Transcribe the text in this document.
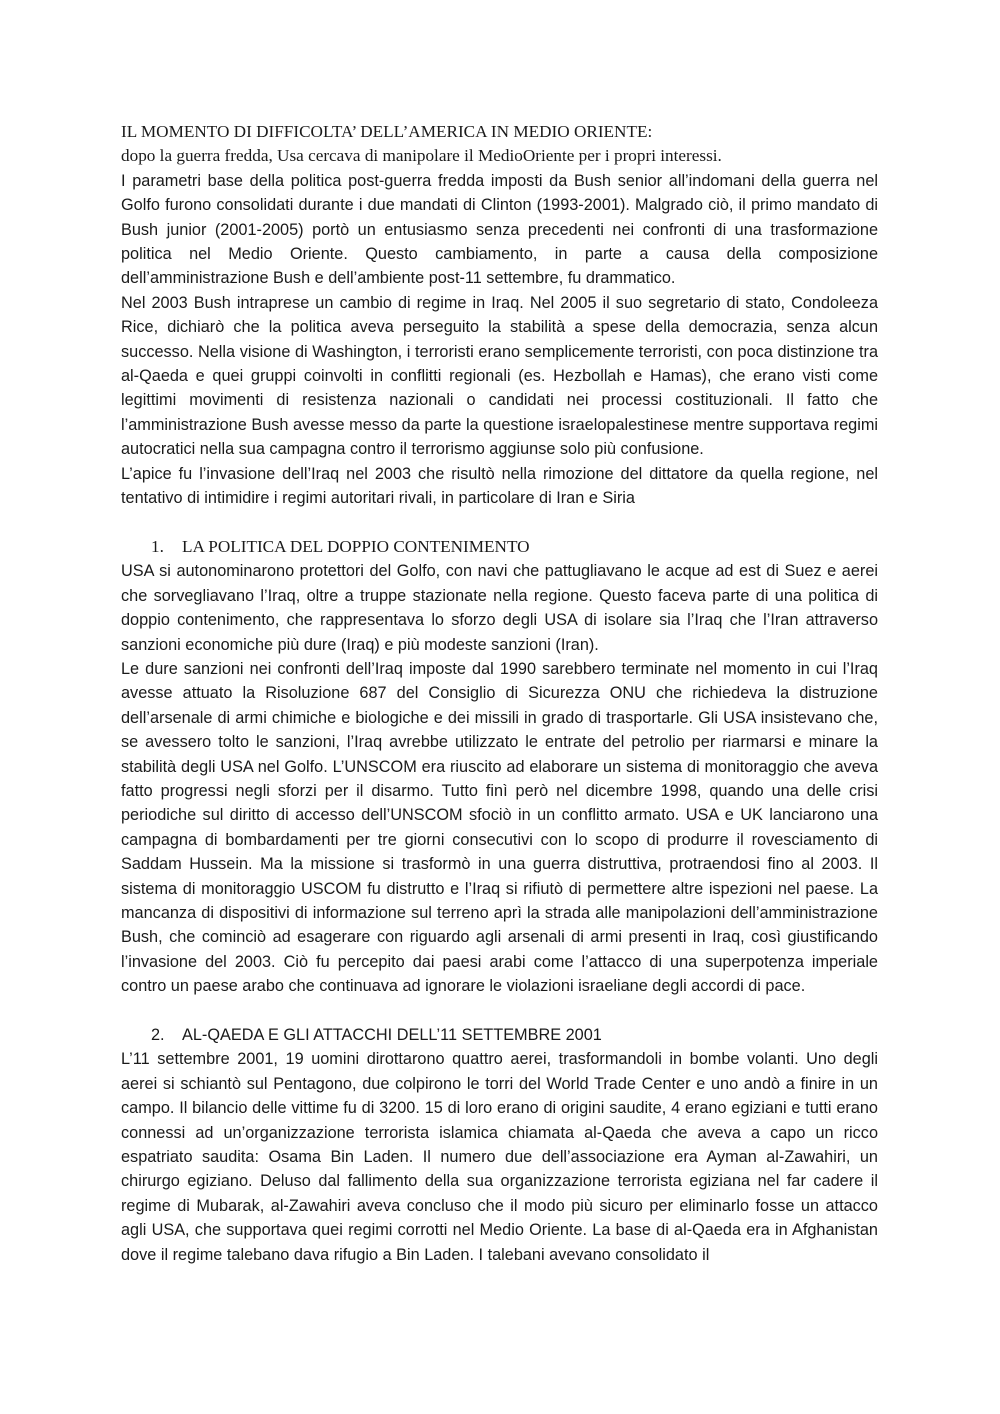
IL MOMENTO DI DIFFICOLTA’ DELL’AMERICA IN MEDIO ORIENTE:

dopo la guerra fredda, Usa cercava di manipolare il MedioOriente per i propri interessi.

I parametri base della politica post-guerra fredda imposti da Bush senior all’indomani della guerra nel Golfo furono consolidati durante i due mandati di Clinton (1993-2001). Malgrado ciò, il primo mandato di Bush junior (2001-2005) portò un entusiasmo senza precedenti nei confronti di una trasformazione politica nel Medio Oriente. Questo cambiamento, in parte a causa della composizione dell’amministrazione Bush e dell’ambiente post-11 settembre, fu drammatico.

Nel 2003 Bush intraprese un cambio di regime in Iraq. Nel 2005 il suo segretario di stato, Condoleeza Rice, dichiarò che la politica aveva perseguito la stabilità a spese della democrazia, senza alcun successo. Nella visione di Washington, i terroristi erano semplicemente terroristi, con poca distinzione tra al-Qaeda e quei gruppi coinvolti in conflitti regionali (es. Hezbollah e Hamas), che erano visti come legittimi movimenti di resistenza nazionali o candidati nei processi costituzionali. Il fatto che l’amministrazione Bush avesse messo da parte la questione israelopalestinese mentre supportava regimi autocratici nella sua campagna contro il terrorismo aggiunse solo più confusione.

L’apice fu l’invasione dell’Iraq nel 2003 che risultò nella rimozione del dittatore da quella regione, nel tentativo di intimidire i regimi autoritari rivali, in particolare di Iran e Siria

1.	LA POLITICA DEL DOPPIO CONTENIMENTO

USA si autonominarono protettori del Golfo, con navi che pattugliavano le acque ad est di Suez e aerei che sorvegliavano l’Iraq, oltre a truppe stazionate nella regione. Questo faceva parte di una politica di doppio contenimento, che rappresentava lo sforzo degli USA di isolare sia l’Iraq che l’Iran attraverso sanzioni economiche più dure (Iraq) e più modeste sanzioni (Iran).

Le dure sanzioni nei confronti dell’Iraq imposte dal 1990 sarebbero terminate nel momento in cui l’Iraq avesse attuato la Risoluzione 687 del Consiglio di Sicurezza ONU che richiedeva la distruzione dell’arsenale di armi chimiche e biologiche e dei missili in grado di trasportarle. Gli USA insistevano che, se avessero tolto le sanzioni, l’Iraq avrebbe utilizzato le entrate del petrolio per riarmarsi e minare la stabilità degli USA nel Golfo. L’UNSCOM era riuscito ad elaborare un sistema di monitoraggio che aveva fatto progressi negli sforzi per il disarmo. Tutto finì però nel dicembre 1998, quando una delle crisi periodiche sul diritto di accesso dell’UNSCOM sfociò in un conflitto armato. USA e UK lanciarono una campagna di bombardamenti per tre giorni consecutivi con lo scopo di produrre il rovesciamento di Saddam Hussein. Ma la missione si trasformò in una guerra distruttiva, protraendosi fino al 2003. Il sistema di monitoraggio USCOM fu distrutto e l’Iraq si rifiutò di permettere altre ispezioni nel paese. La mancanza di dispositivi di informazione sul terreno aprì la strada alle manipolazioni dell’amministrazione Bush, che cominciò ad esagerare con riguardo agli arsenali di armi presenti in Iraq, così giustificando l’invasione del 2003. Ciò fu percepito dai paesi arabi come l’attacco di una superpotenza imperiale contro un paese arabo che continuava ad ignorare le violazioni israeliane degli accordi di pace.

2.	AL-QAEDA E GLI ATTACCHI DELL’11 SETTEMBRE 2001

L’11 settembre 2001, 19 uomini dirottarono quattro aerei, trasformandoli in bombe volanti. Uno degli aerei si schiantò sul Pentagono, due colpirono le torri del World Trade Center e uno andò a finire in un campo. Il bilancio delle vittime fu di 3200. 15 di loro erano di origini saudite, 4 erano egiziani e tutti erano connessi ad un’organizzazione terrorista islamica chiamata al-Qaeda che aveva a capo un ricco espatriato saudita: Osama Bin Laden. Il numero due dell’associazione era Ayman al-Zawahiri, un chirurgo egiziano. Deluso dal fallimento della sua organizzazione terrorista egiziana nel far cadere il regime di Mubarak, al-Zawahiri aveva concluso che il modo più sicuro per eliminarlo fosse un attacco agli USA, che supportava quei regimi corrotti nel Medio Oriente. La base di al-Qaeda era in Afghanistan dove il regime talebano dava rifugio a Bin Laden. I talebani avevano consolidato il
